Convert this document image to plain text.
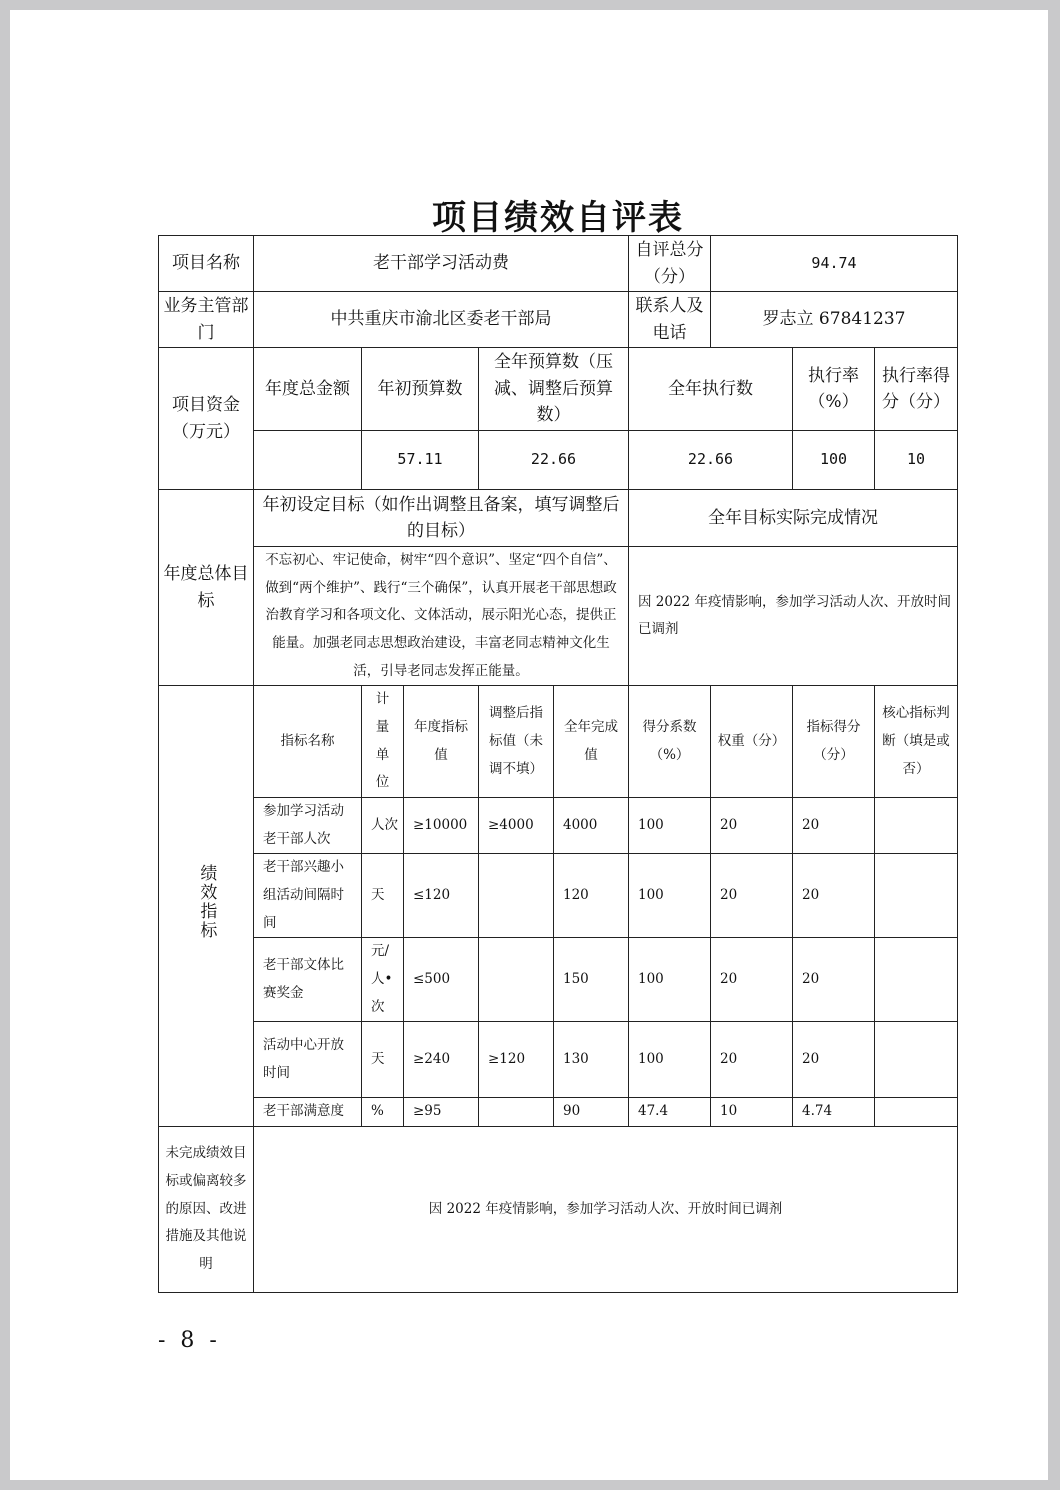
项目绩效自评表
项目名称	老干部学习活动费					自评总分（分）	94.74		
业务主管部门	中共重庆市渝北区委老干部局					联系人及电话	罗志立 67841237		
项目资金（万元）	年度总金额	年初预算数		全年预算数（压减、调整后预算数）		全年执行数		执行率（%）	执行率得分（分）
		57.11		22.66		22.66		100	10
年度总体目标	年初设定目标（如作出调整且备案，填写调整后的目标）					全年目标实际完成情况			
	不忘初心、牢记使命，树牢“四个意识”、坚定“四个自信”、做到“两个维护”、践行“三个确保”，认真开展老干部思想政治教育学习和各项文化、文体活动，展示阳光心态，提供正能量。加强老同志思想政治建设，丰富老同志精神文化生活，引导老同志发挥正能量。					因 2022 年疫情影响，参加学习活动人次、开放时间已调剂			
绩效指标	指标名称	计量单位	年度指标值	调整后指标值（未调不填）	全年完成值	得分系数（%）	权重（分）	指标得分（分）	核心指标判断（填是或否）
	参加学习活动老干部人次	人次	≥10000	≥4000	4000	100	20	20	
	老干部兴趣小组活动间隔时间	天	≤120		120	100	20	20	
	老干部文体比赛奖金	元/人•次	≤500		150	100	20	20	
	活动中心开放时间	天	≥240	≥120	130	100	20	20	
	老干部满意度	%	≥95		90	47.4	10	4.74	
未完成绩效目标或偏离较多的原因、改进措施及其他说明	因 2022 年疫情影响，参加学习活动人次、开放时间已调剂								
- 8 -
